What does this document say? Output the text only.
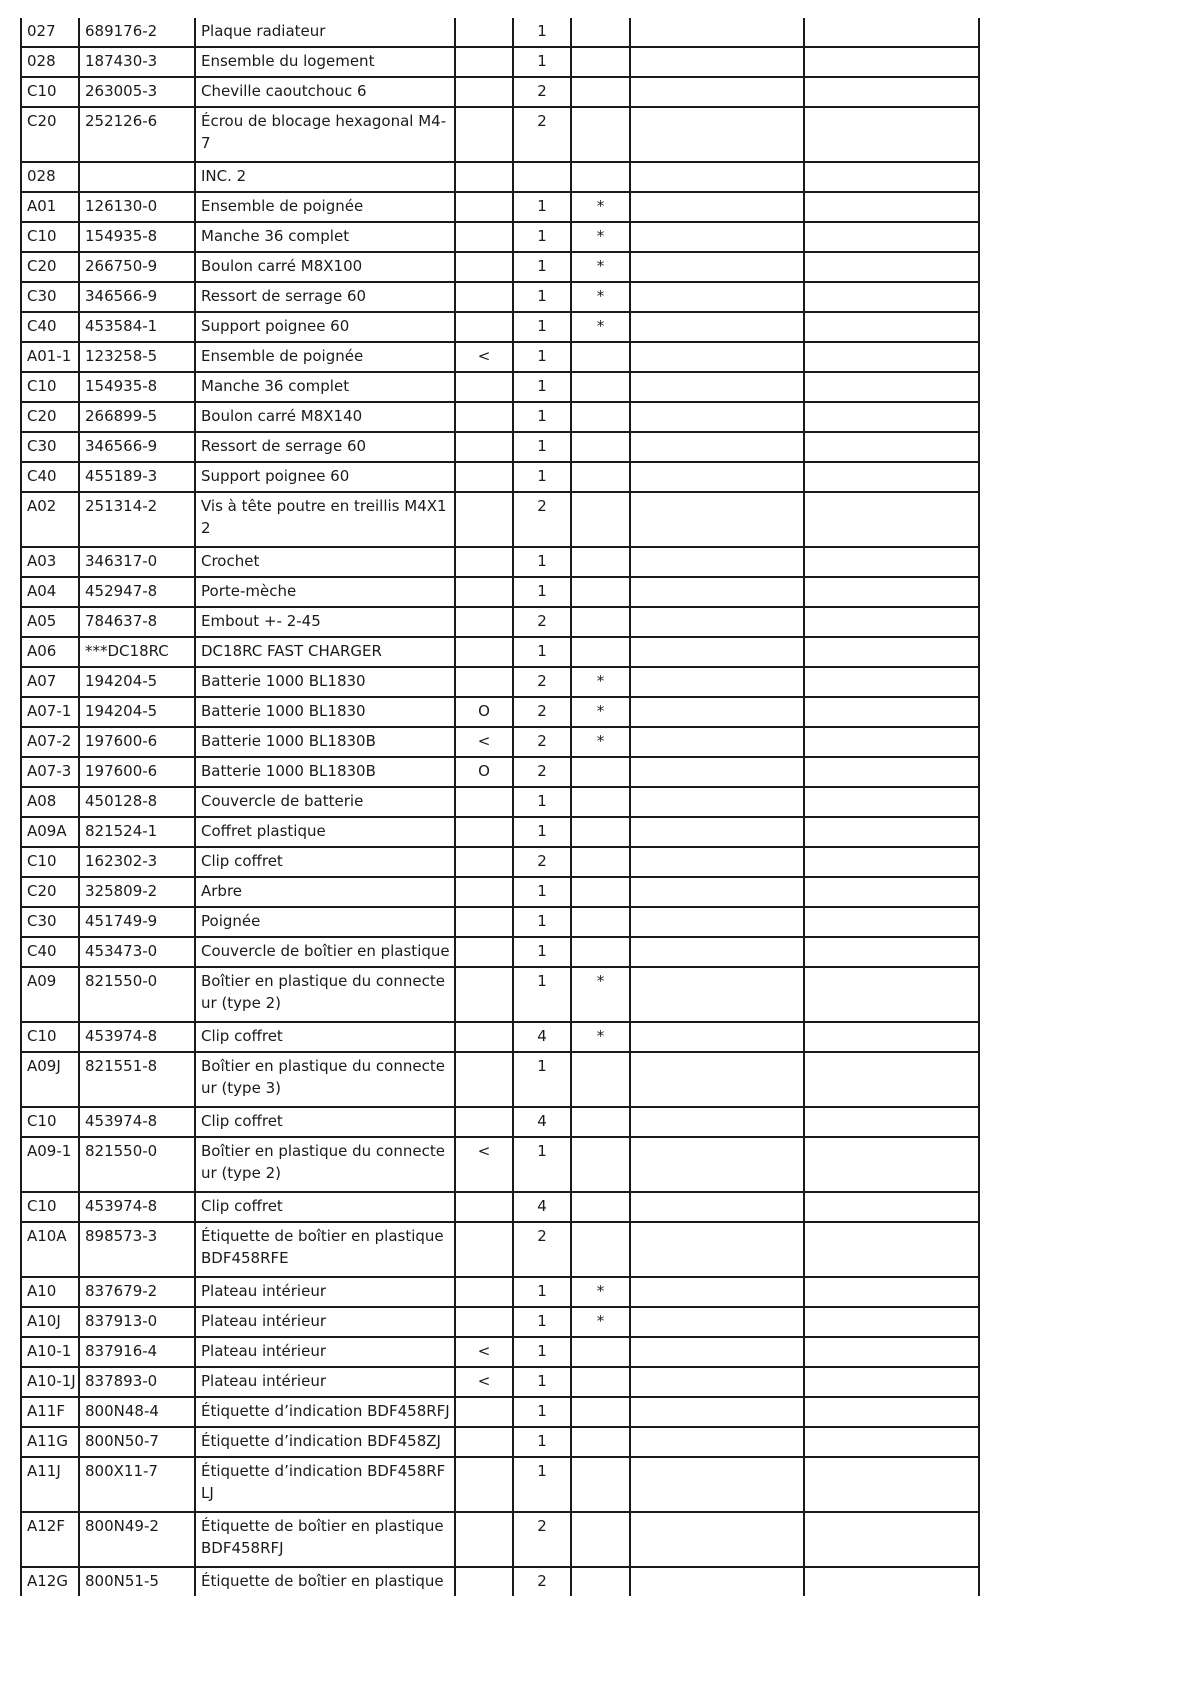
027	689176-2	Plaque radiateur		1			
028	187430-3	Ensemble du logement		1			
C10	263005-3	Cheville caoutchouc 6		2			
C20	252126-6	Écrou de blocage hexagonal M4-7		2			
028		INC. 2					
A01	126130-0	Ensemble de poignée		1	*		
C10	154935-8	Manche 36 complet		1	*		
C20	266750-9	Boulon carré M8X100		1	*		
C30	346566-9	Ressort de serrage 60		1	*		
C40	453584-1	Support poignee 60		1	*		
A01-1	123258-5	Ensemble de poignée	<	1			
C10	154935-8	Manche 36 complet		1			
C20	266899-5	Boulon carré M8X140		1			
C30	346566-9	Ressort de serrage 60		1			
C40	455189-3	Support poignee 60		1			
A02	251314-2	Vis à tête poutre en treillis M4X12		2			
A03	346317-0	Crochet		1			
A04	452947-8	Porte-mèche		1			
A05	784637-8	Embout +- 2-45		2			
A06	***DC18RC	DC18RC FAST CHARGER		1			
A07	194204-5	Batterie 1000 BL1830		2	*		
A07-1	194204-5	Batterie 1000 BL1830	O	2	*		
A07-2	197600-6	Batterie 1000 BL1830B	<	2	*		
A07-3	197600-6	Batterie 1000 BL1830B	O	2			
A08	450128-8	Couvercle de batterie		1			
A09A	821524-1	Coffret plastique		1			
C10	162302-3	Clip coffret		2			
C20	325809-2	Arbre		1			
C30	451749-9	Poignée		1			
C40	453473-0	Couvercle de boîtier en plastique		1			
A09	821550-0	Boîtier en plastique du connecteur (type 2)		1	*		
C10	453974-8	Clip coffret		4	*		
A09J	821551-8	Boîtier en plastique du connecteur (type 3)		1			
C10	453974-8	Clip coffret		4			
A09-1	821550-0	Boîtier en plastique du connecteur (type 2)	<	1			
C10	453974-8	Clip coffret		4			
A10A	898573-3	Étiquette de boîtier en plastique BDF458RFE		2			
A10	837679-2	Plateau intérieur		1	*		
A10J	837913-0	Plateau intérieur		1	*		
A10-1	837916-4	Plateau intérieur	<	1			
A10-1J	837893-0	Plateau intérieur	<	1			
A11F	800N48-4	Étiquette d’indication BDF458RFJ		1			
A11G	800N50-7	Étiquette d’indication BDF458ZJ		1			
A11J	800X11-7	Étiquette d’indication BDF458RFLJ		1			
A12F	800N49-2	Étiquette de boîtier en plastique BDF458RFJ		2			
A12G	800N51-5	Étiquette de boîtier en plastique		2			
